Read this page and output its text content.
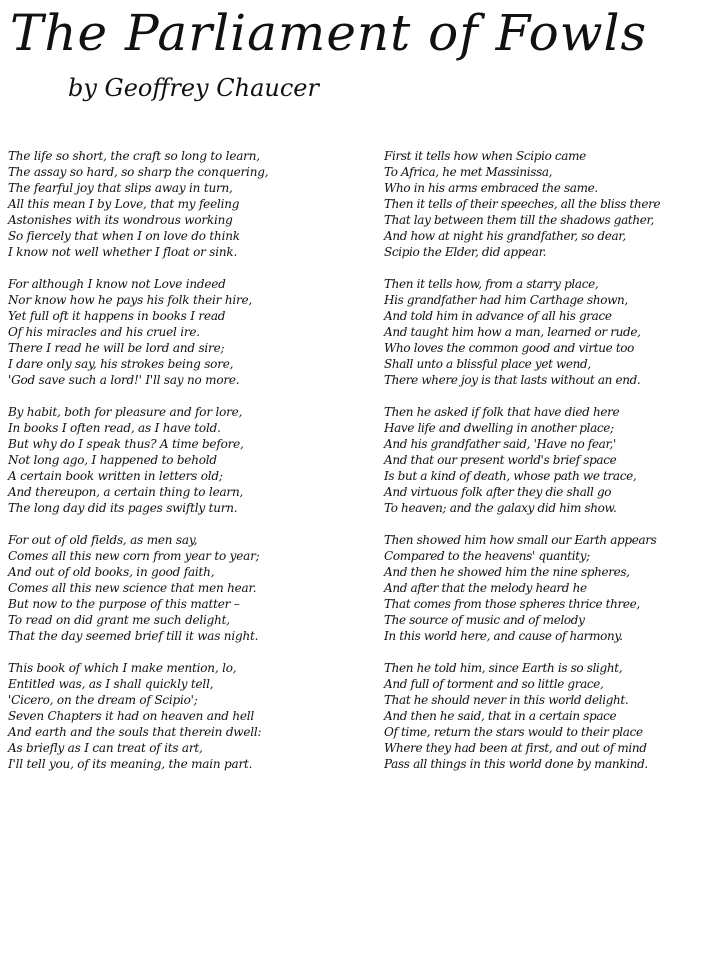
The Parliament of Fowls
by Geoffrey Chaucer
The life so short, the craft so long to learn,
The assay so hard, so sharp the conquering,
The fearful joy that slips away in turn,
All this mean I by Love, that my feeling
Astonishes with its wondrous working
So fiercely that when I on love do think
I know not well whether I float or sink.
For although I know not Love indeed
Nor know how he pays his folk their hire,
Yet full oft it happens in books I read
Of his miracles and his cruel ire.
There I read he will be lord and sire;
I dare only say, his strokes being sore,
'God save such a lord!' I'll say no more.
By habit, both for pleasure and for lore,
In books I often read, as I have told.
But why do I speak thus? A time before,
Not long ago, I happened to behold
A certain book written in letters old;
And thereupon, a certain thing to learn,
The long day did its pages swiftly turn.
For out of old fields, as men say,
Comes all this new corn from year to year;
And out of old books, in good faith,
Comes all this new science that men hear.
But now to the purpose of this matter –
To read on did grant me such delight,
That the day seemed brief till it was night.
This book of which I make mention, lo,
Entitled was, as I shall quickly tell,
'Cicero, on the dream of Scipio';
Seven Chapters it had on heaven and hell
And earth and the souls that therein dwell:
As briefly as I can treat of its art,
I'll tell you, of its meaning, the main part.
First it tells how when Scipio came
To Africa, he met Massinissa,
Who in his arms embraced the same.
Then it tells of their speeches, all the bliss there
That lay between them till the shadows gather,
And how at night his grandfather, so dear,
Scipio the Elder, did appear.
Then it tells how, from a starry place,
His grandfather had him Carthage shown,
And told him in advance of all his grace
And taught him how a man, learned or rude,
Who loves the common good and virtue too
Shall unto a blissful place yet wend,
There where joy is that lasts without an end.
Then he asked if folk that have died here
Have life and dwelling in another place;
And his grandfather said, 'Have no fear,'
And that our present world's brief space
Is but a kind of death, whose path we trace,
And virtuous folk after they die shall go
To heaven; and the galaxy did him show.
Then showed him how small our Earth appears
Compared to the heavens' quantity;
And then he showed him the nine spheres,
And after that the melody heard he
That comes from those spheres thrice three,
The source of music and of melody
In this world here, and cause of harmony.
Then he told him, since Earth is so slight,
And full of torment and so little grace,
That he should never in this world delight.
And then he said, that in a certain space
Of time, return the stars would to their place
Where they had been at first, and out of mind
Pass all things in this world done by mankind.
